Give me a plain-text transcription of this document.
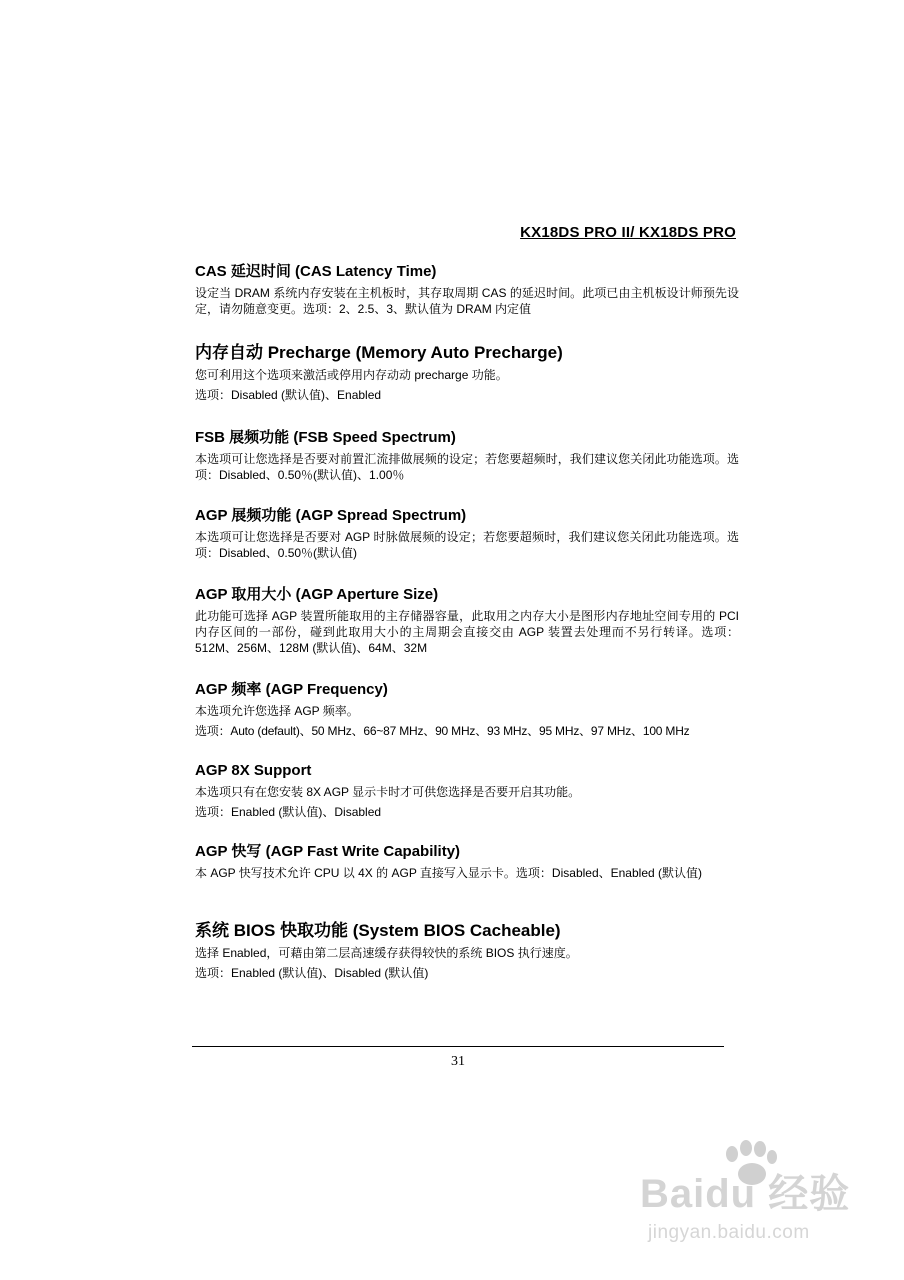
KX18DS PRO II/ KX18DS PRO
CAS 延迟时间 (CAS Latency Time)

设定当 DRAM 系统内存安装在主机板时，其存取周期 CAS 的延迟时间。此项已由主机板设计师预先设定，请勿随意变更。选项：2、2.5、3、默认值为 DRAM 内定值

内存自动 Precharge (Memory Auto Precharge)

您可利用这个选项来激活或停用内存动动 precharge 功能。

选项：Disabled (默认值)、Enabled

FSB 展频功能 (FSB Speed Spectrum)

本选项可让您选择是否要对前置汇流排做展频的设定；若您要超频时，我们建议您关闭此功能选项。选项：Disabled、0.50％(默认值)、1.00％

AGP 展频功能 (AGP Spread Spectrum)

本选项可让您选择是否要对 AGP 时脉做展频的设定；若您要超频时，我们建议您关闭此功能选项。选项：Disabled、0.50％(默认值)

AGP 取用大小 (AGP Aperture Size)

此功能可选择 AGP 装置所能取用的主存储器容量，此取用之内存大小是图形内存地址空间专用的 PCI 内存区间的一部份，碰到此取用大小的主周期会直接交由 AGP 装置去处理而不另行转译。选项：512M、256M、128M (默认值)、64M、32M

AGP 频率 (AGP Frequency)

本选项允许您选择 AGP 频率。

选项：Auto (default)、50 MHz、66~87 MHz、90 MHz、93 MHz、95 MHz、97 MHz、100 MHz

AGP 8X Support

本选项只有在您安装 8X AGP 显示卡时才可供您选择是否要开启其功能。

选项：Enabled (默认值)、Disabled

AGP 快写 (AGP Fast Write Capability)

本 AGP 快写技术允许 CPU 以 4X 的 AGP 直接写入显示卡。选项：Disabled、Enabled (默认值)

系统 BIOS 快取功能 (System BIOS Cacheable)

选择 Enabled，可藉由第二层高速缓存获得较快的系统 BIOS 执行速度。

选项：Enabled (默认值)、Disabled (默认值)

31
Baidu 经验
jingyan.baidu.com
